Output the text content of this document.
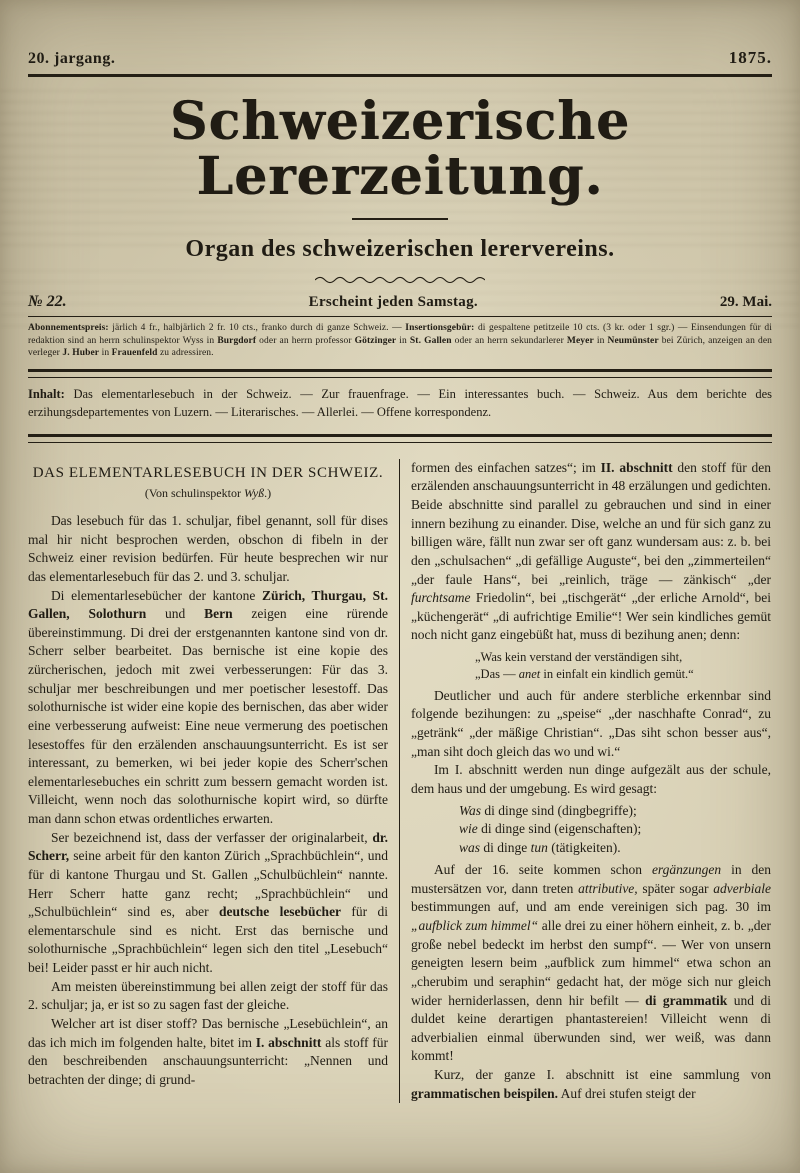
20. jargang.	1875.
Schweizerische Lererzeitung.
Organ des schweizerischen lerervereins.
№ 22.	Erscheint jeden Samstag.	29. Mai.

Abonnementspreis: järlich 4 fr., halbjärlich 2 fr. 10 cts., franko durch di ganze Schweiz. — Insertionsgebür: di gespaltene petitzeile 10 cts. (3 kr. oder 1 sgr.) — Einsendungen für di redaktion sind an herrn schulinspektor Wyss in Burgdorf oder an herrn professor Götzinger in St. Gallen oder an herrn sekundarlerer Meyer in Neumünster bei Zürich, anzeigen an den verleger J. Huber in Frauenfeld zu adressiren.

Inhalt: Das elementarlesebuch in der Schweiz. — Zur frauenfrage. — Ein interessantes buch. — Schweiz. Aus dem berichte des erzihungsdepartementes von Luzern. — Literarisches. — Allerlei. — Offene korrespondenz.

DAS ELEMENTARLESEBUCH IN DER SCHWEIZ.

(Von schulinspektor Wyß.)

Das lesebuch für das 1. schuljar, fibel genannt, soll für dises mal hir nicht besprochen werden, obschon di fibeln in der Schweiz einer revision bedürfen. Für heute besprechen wir nur das elementarlesebuch für das 2. und 3. schuljar.

Di elementarlesebücher der kantone Zürich, Thurgau, St. Gallen, Solothurn und Bern zeigen eine rürende übereinstimmung. Di drei der erstgenannten kantone sind von dr. Scherr selber bearbeitet. Das bernische ist eine kopie des zürcherischen, jedoch mit zwei verbesserungen: Für das 3. schuljar mer beschreibungen und mer poetischer lesestoff. Das solothurnische ist wider eine kopie des bernischen, das aber wider eine verbesserung aufweist: Eine neue vermerung des poetischen lesestoffes für den erzälenden anschauungsunterricht. Es ist ser interessant, zu bemerken, wi bei jeder kopie des Scherr'schen elementarlesebuches ein schritt zum bessern gemacht worden ist. Villeicht, wenn noch das solothurnische kopirt wird, so dürfte man dann schon etwas ordentliches erwarten.

Ser bezeichnend ist, dass der verfasser der originalarbeit, dr. Scherr, seine arbeit für den kanton Zürich „Sprachbüchlein“, und für di kantone Thurgau und St. Gallen „Schulbüchlein“ nannte. Herr Scherr hatte ganz recht; „Sprachbüchlein“ und „Schulbüchlein“ sind es, aber deutsche lesebücher für di elementarschule sind es nicht. Erst das bernische und solothurnische „Sprachbüchlein“ legen sich den titel „Lesebuch“ bei! Leider passt er hir auch nicht.

Am meisten übereinstimmung bei allen zeigt der stoff für das 2. schuljar; ja, er ist so zu sagen fast der gleiche.

Welcher art ist diser stoff? Das bernische „Lesebüchlein“, an das ich mich im folgenden halte, bitet im I. abschnitt als stoff für den beschreibenden anschauungsunterricht: „Nennen und betrachten der dinge; di grund-

formen des einfachen satzes“; im II. abschnitt den stoff für den erzälenden anschauungsunterricht in 48 erzälungen und gedichten. Beide abschnitte sind parallel zu gebrauchen und sind in einer innern bezihung zu einander. Dise, welche an und für sich ganz zu billigen wäre, fällt nun zwar ser oft ganz wundersam aus: z. b. bei den „schulsachen“ „di gefällige Auguste“, bei den „zimmerteilen“ „der faule Hans“, bei „reinlich, träge — zänkisch“ „der furchtsame Friedolin“, bei „tischgerät“ „der erliche Arnold“, bei „küchengerät“ „di aufrichtige Emilie“! Wer sein kindliches gemüt noch nicht ganz eingebüßt hat, muss di bezihung anen; denn:

„Was kein verstand der verständigen siht,
„Das — anet in einfalt ein kindlich gemüt.“

Deutlicher und auch für andere sterbliche erkennbar sind folgende bezihungen: zu „speise“ „der naschhafte Conrad“, zu „getränk“ „der mäßige Christian“. „Das siht schon besser aus“, „man siht doch gleich das wo und wi.“

Im I. abschnitt werden nun dinge aufgezält aus der schule, dem haus und der umgebung. Es wird gesagt:

Was di dinge sind (dingbegriffe);
wie di dinge sind (eigenschaften);
was di dinge tun (tätigkeiten).

Auf der 16. seite kommen schon ergänzungen in den mustersätzen vor, dann treten attributive, später sogar adverbiale bestimmungen auf, und am ende vereinigen sich pag. 30 im „aufblick zum himmel“ alle drei zu einer höhern einheit, z. b. „der große nebel bedeckt im herbst den sumpf“. — Wer von unsern geneigten lesern beim „aufblick zum himmel“ etwa schon an „cherubim und seraphin“ gedacht hat, der möge sich nur gleich wider herniderlassen, denn hir befilt — di grammatik und di duldet keine derartigen phantastereien! Villeicht wenn di adverbialien einmal überwunden sind, wer weiß, was dann kommt!

Kurz, der ganze I. abschnitt ist eine sammlung von grammatischen beispilen. Auf drei stufen steigt der
